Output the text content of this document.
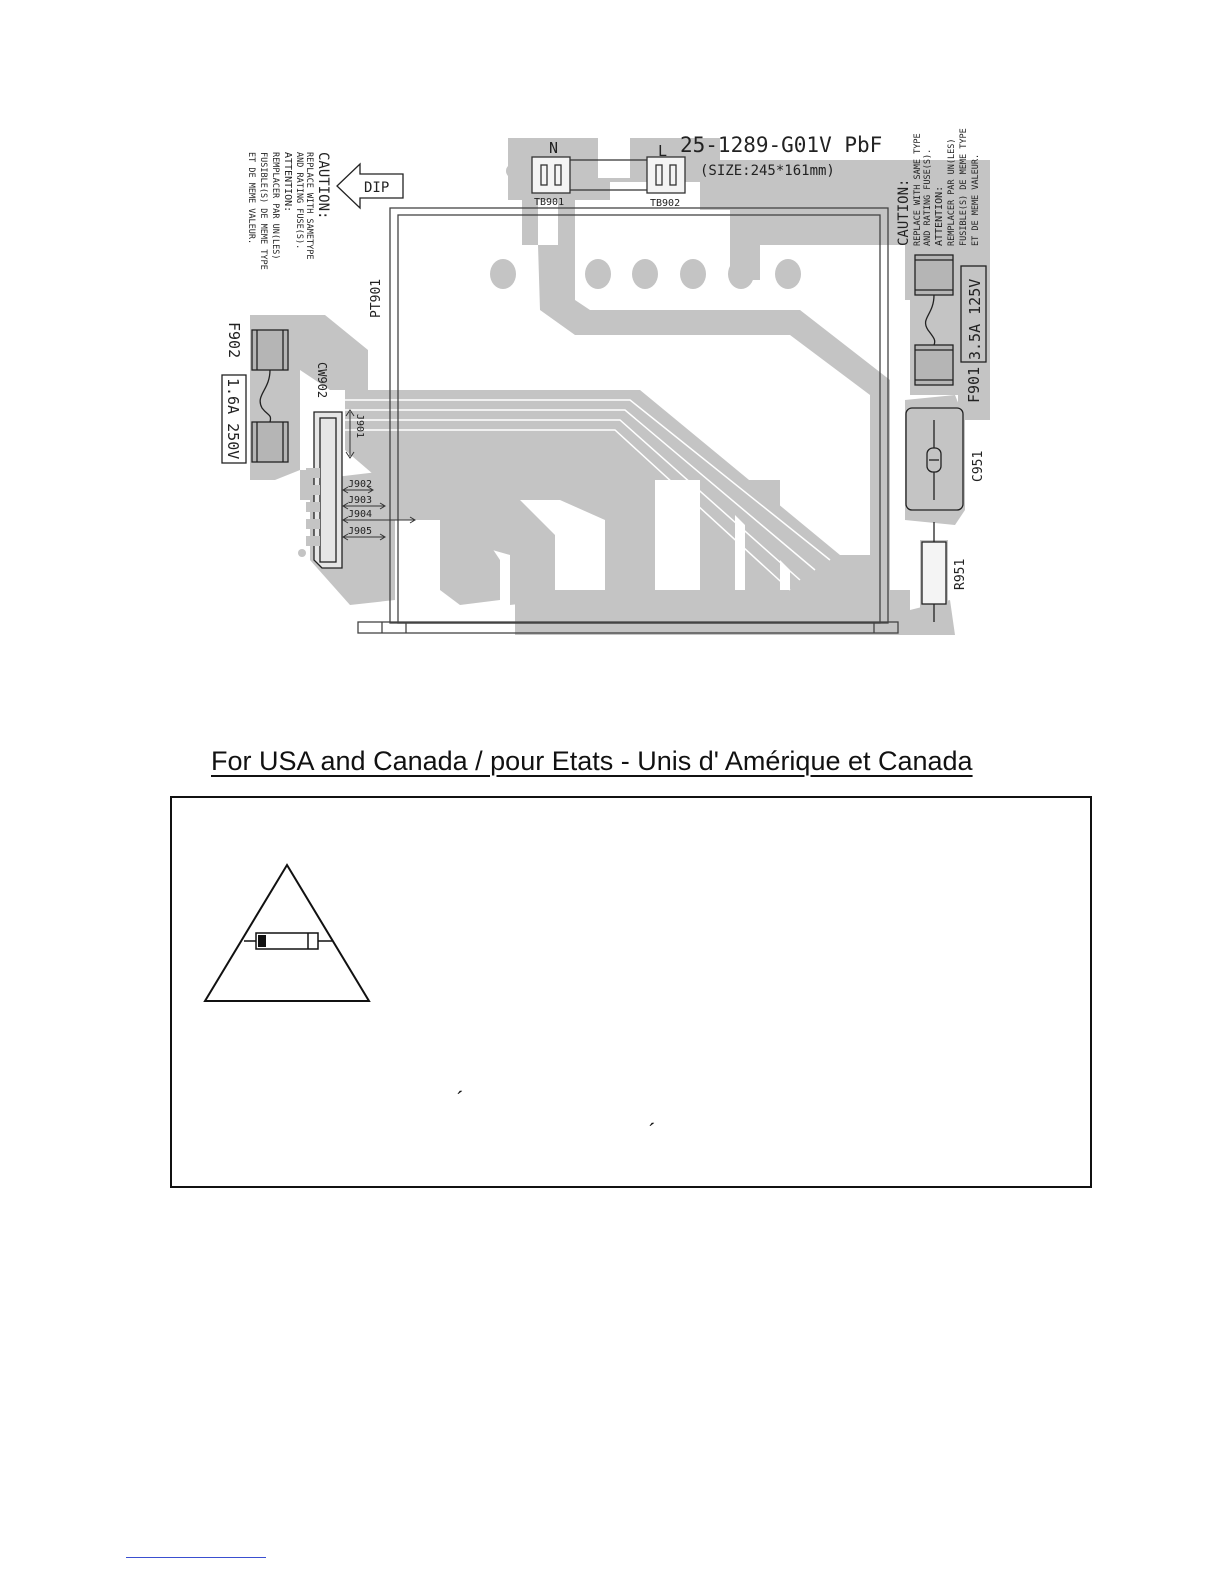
25-1289-G01V PbF
(SIZE:245*161mm)
N	L
TB901	TB902
DIP
PT901
CW902
J901
J902
J903
J904
J905
F902
1.6A 250V	F901
3.5A 125V
C951
R951
CAUTION:
REPLACE WITH SAMETYPE
AND RATING FUSE(S).
ATTENTION:
REMPLACER PAR UN(LES)
FUSIBLE(S) DE MEME TYPE
ET DE MEME VALEUR.	CAUTION: REPLACE WITH SAME TYPE AND RATING FUSE(S). ATTENTION: REMPLACER PAR UN(LES) FUSIBLE(S) DE MEME TYPE ET DE MEME VALEUR.
For USA and Canada / pour Etats - Unis d' Amérique et Canada
ˊ
ˊ
